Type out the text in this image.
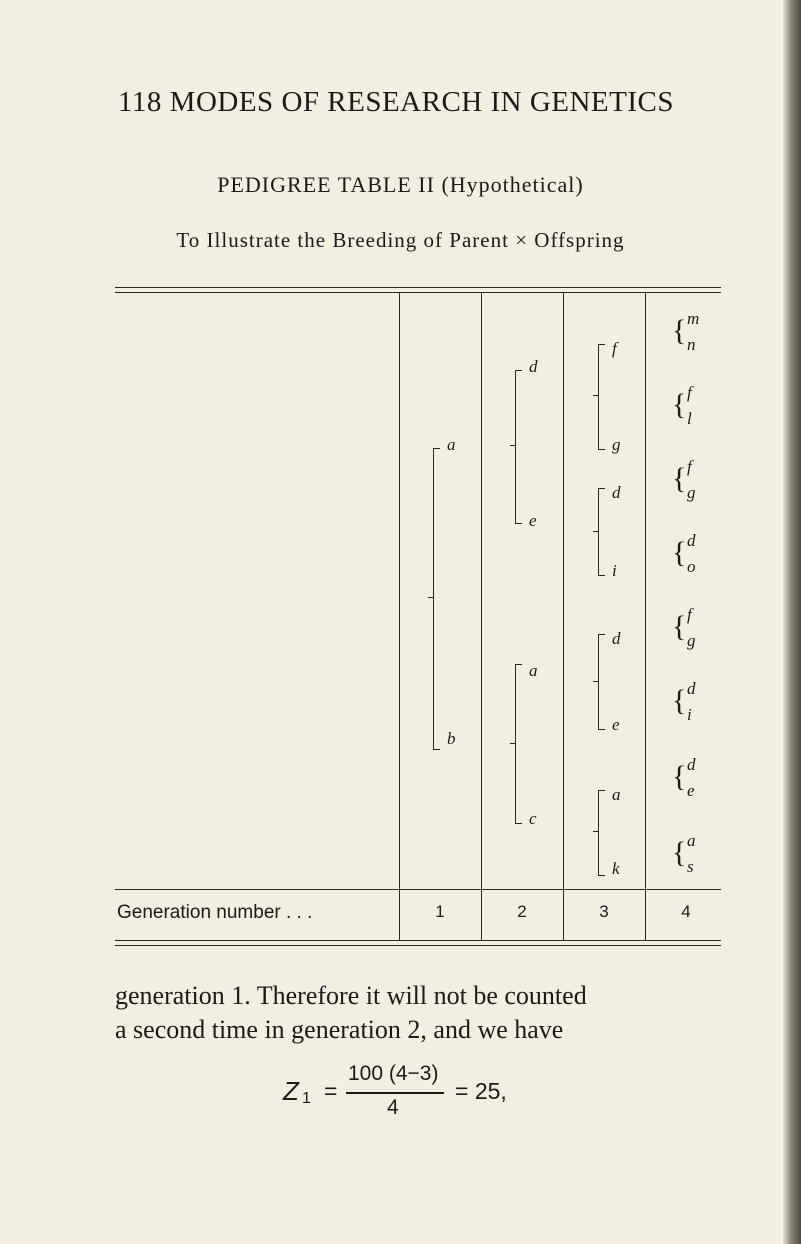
118 MODES OF RESEARCH IN GENETICS
PEDIGREE TABLE II (Hypothetical)
To Illustrate the Breeding of Parent × Offspring
a
b
d
e
a
c
f
g
d
i
d
e
a
k
{ m
n
{ f
l
{ f
g
{ d
o
{ f
g
{ d
i
{ d
e
{ a
s
Generation number . . .	1	2	3	4
generation 1. Therefore it will not be counted
a second time in generation 2, and we have
Z 1 =
100 (4−3)
4
= 25,
